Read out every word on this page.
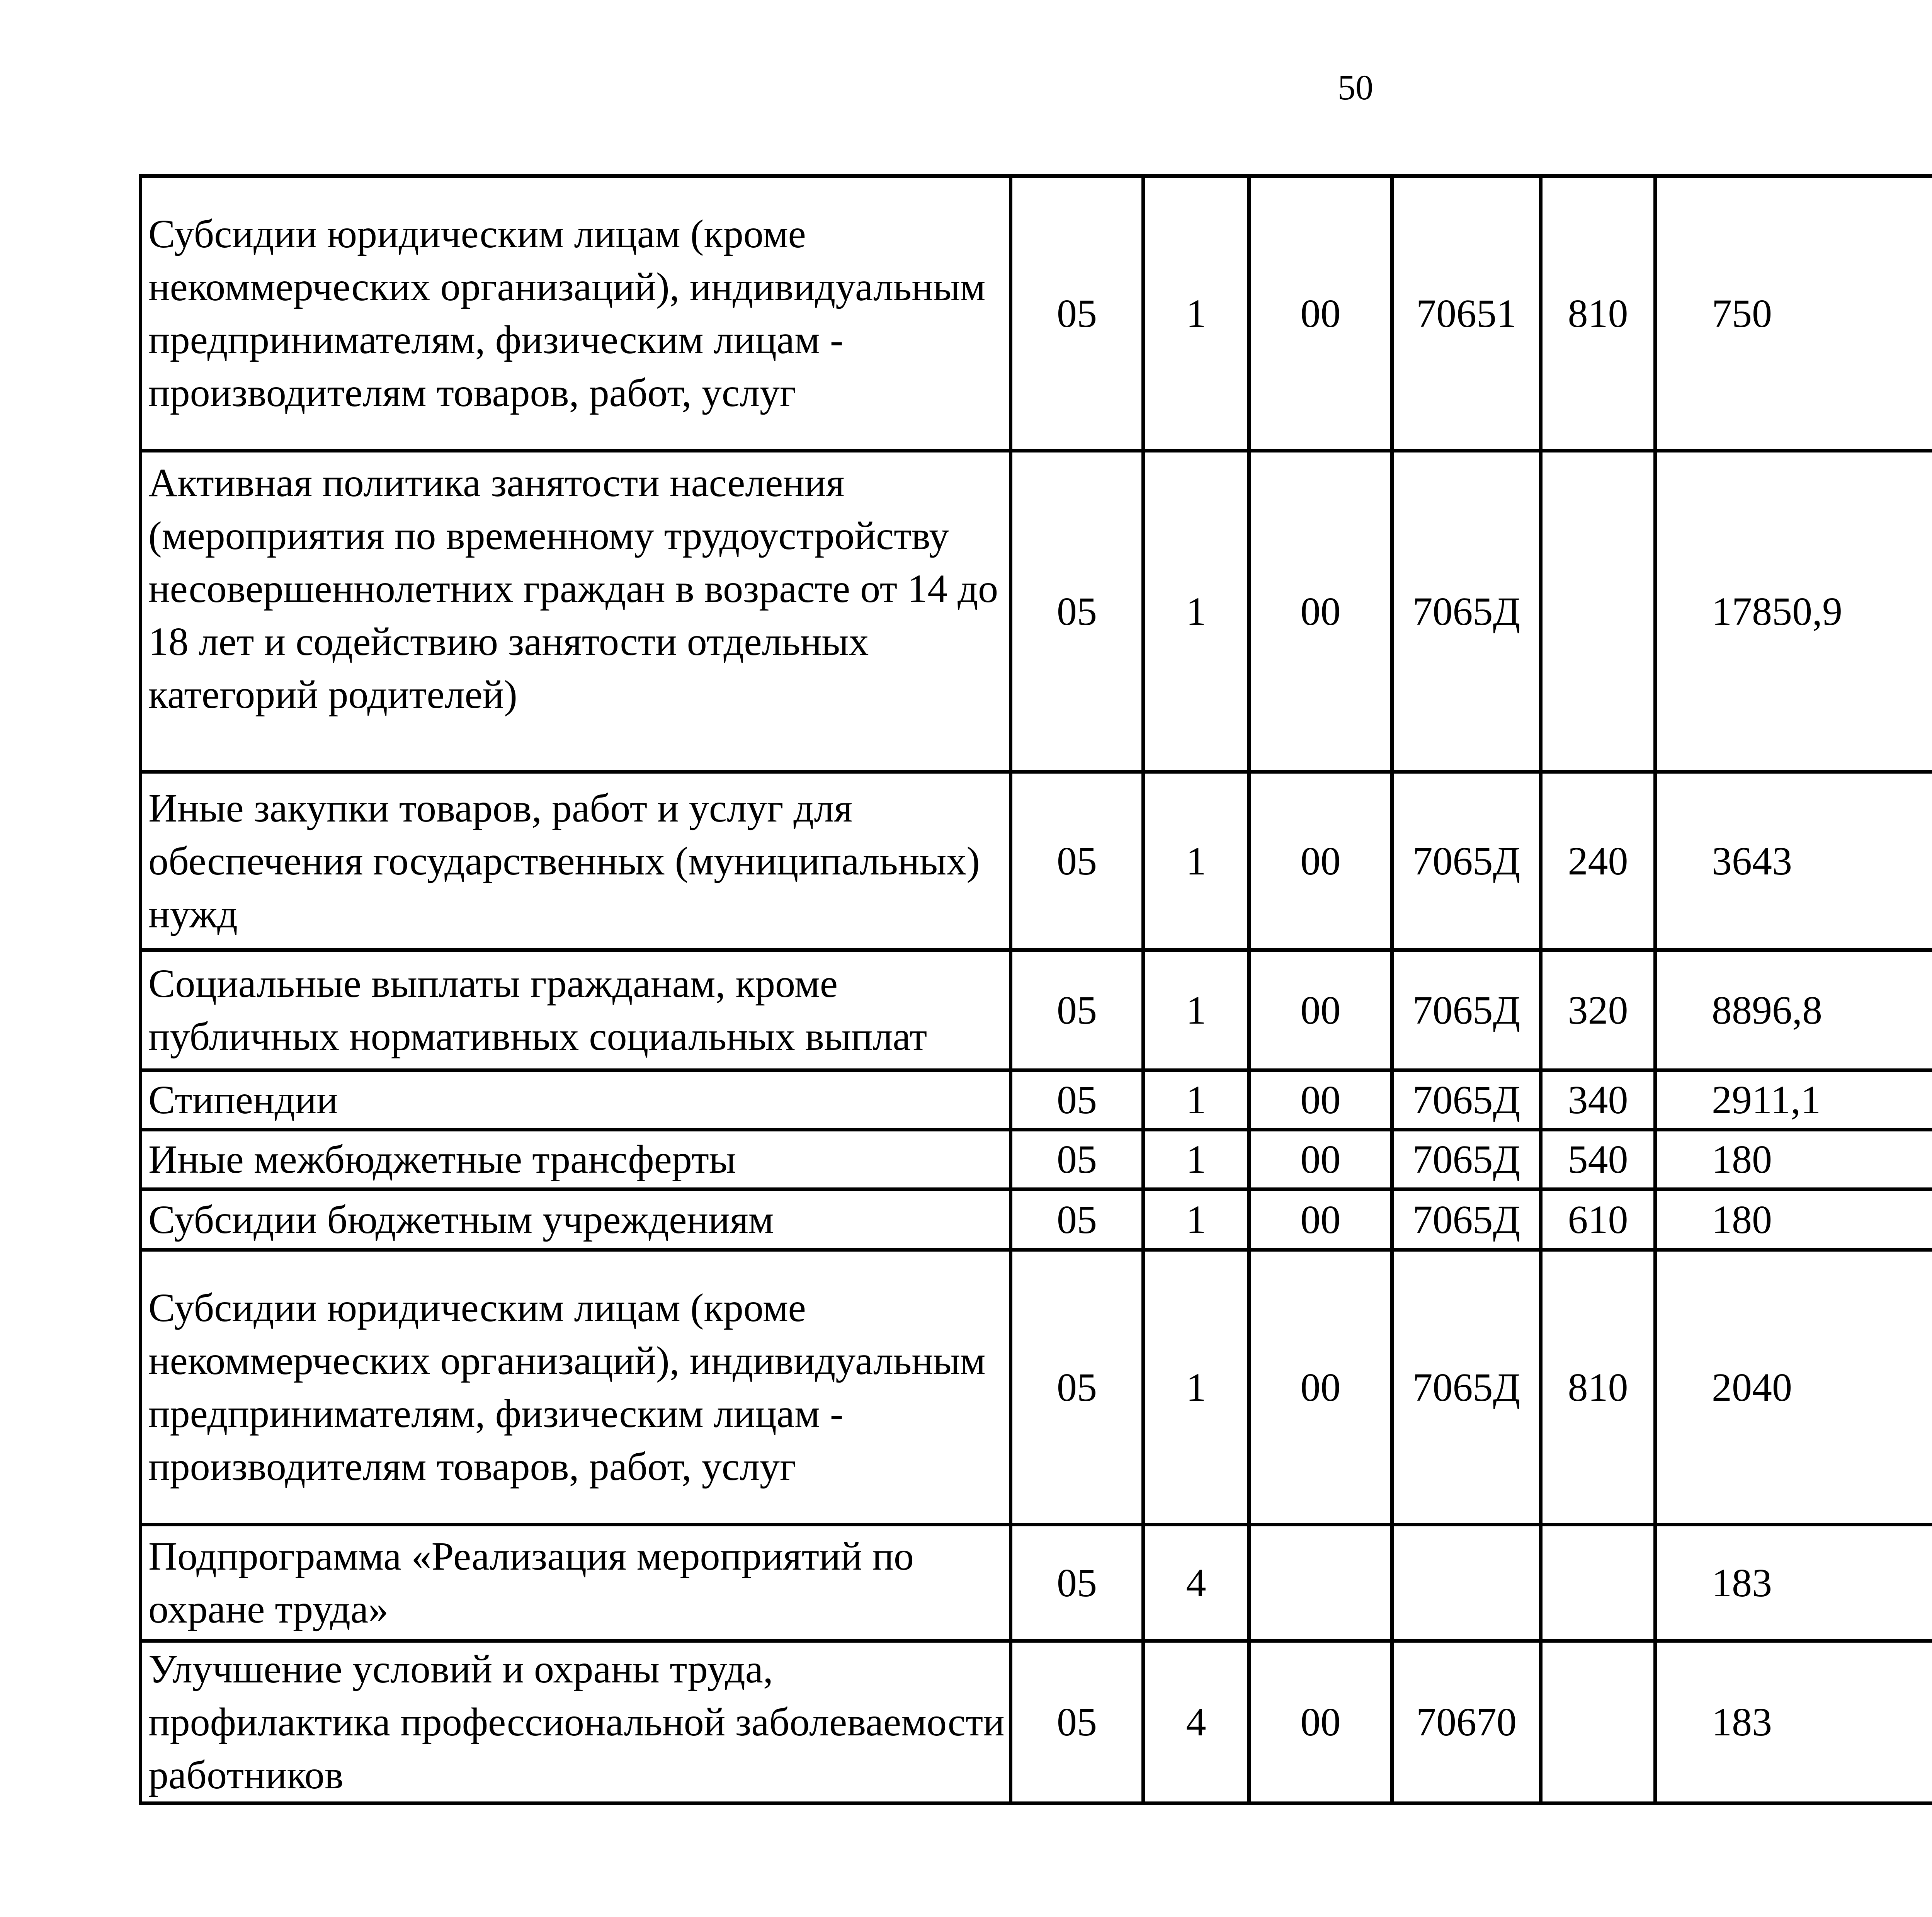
50
Субсидии юридическим лицам (кроме некоммерческих организаций), индивидуальным предпринимателям, физическим лицам - производителям товаров, работ, услуг	05	1	00	70651	810	750		
Активная политика занятости населения (мероприятия по временному трудоустройству несовершеннолетних граждан в возрасте от 14 до 18 лет и содействию занятости отдельных категорий родителей)	05	1	00	7065Д		17850,9		
Иные закупки товаров, работ и услуг для обеспечения государственных (муниципальных) нужд	05	1	00	7065Д	240	3643		
Социальные выплаты гражданам, кроме публичных нормативных социальных выплат	05	1	00	7065Д	320	8896,8		
Стипендии	05	1	00	7065Д	340	2911,1		
Иные межбюджетные трансферты	05	1	00	7065Д	540	180		
Субсидии бюджетным учреждениям	05	1	00	7065Д	610	180		
Субсидии юридическим лицам (кроме некоммерческих организаций), индивидуальным предпринимателям, физическим лицам - производителям товаров, работ, услуг	05	1	00	7065Д	810	2040		
Подпрограмма «Реализация мероприятий по охране труда»	05	4				183		
Улучшение условий и охраны труда, профилактика профессиональной заболеваемости работников	05	4	00	70670		183		
